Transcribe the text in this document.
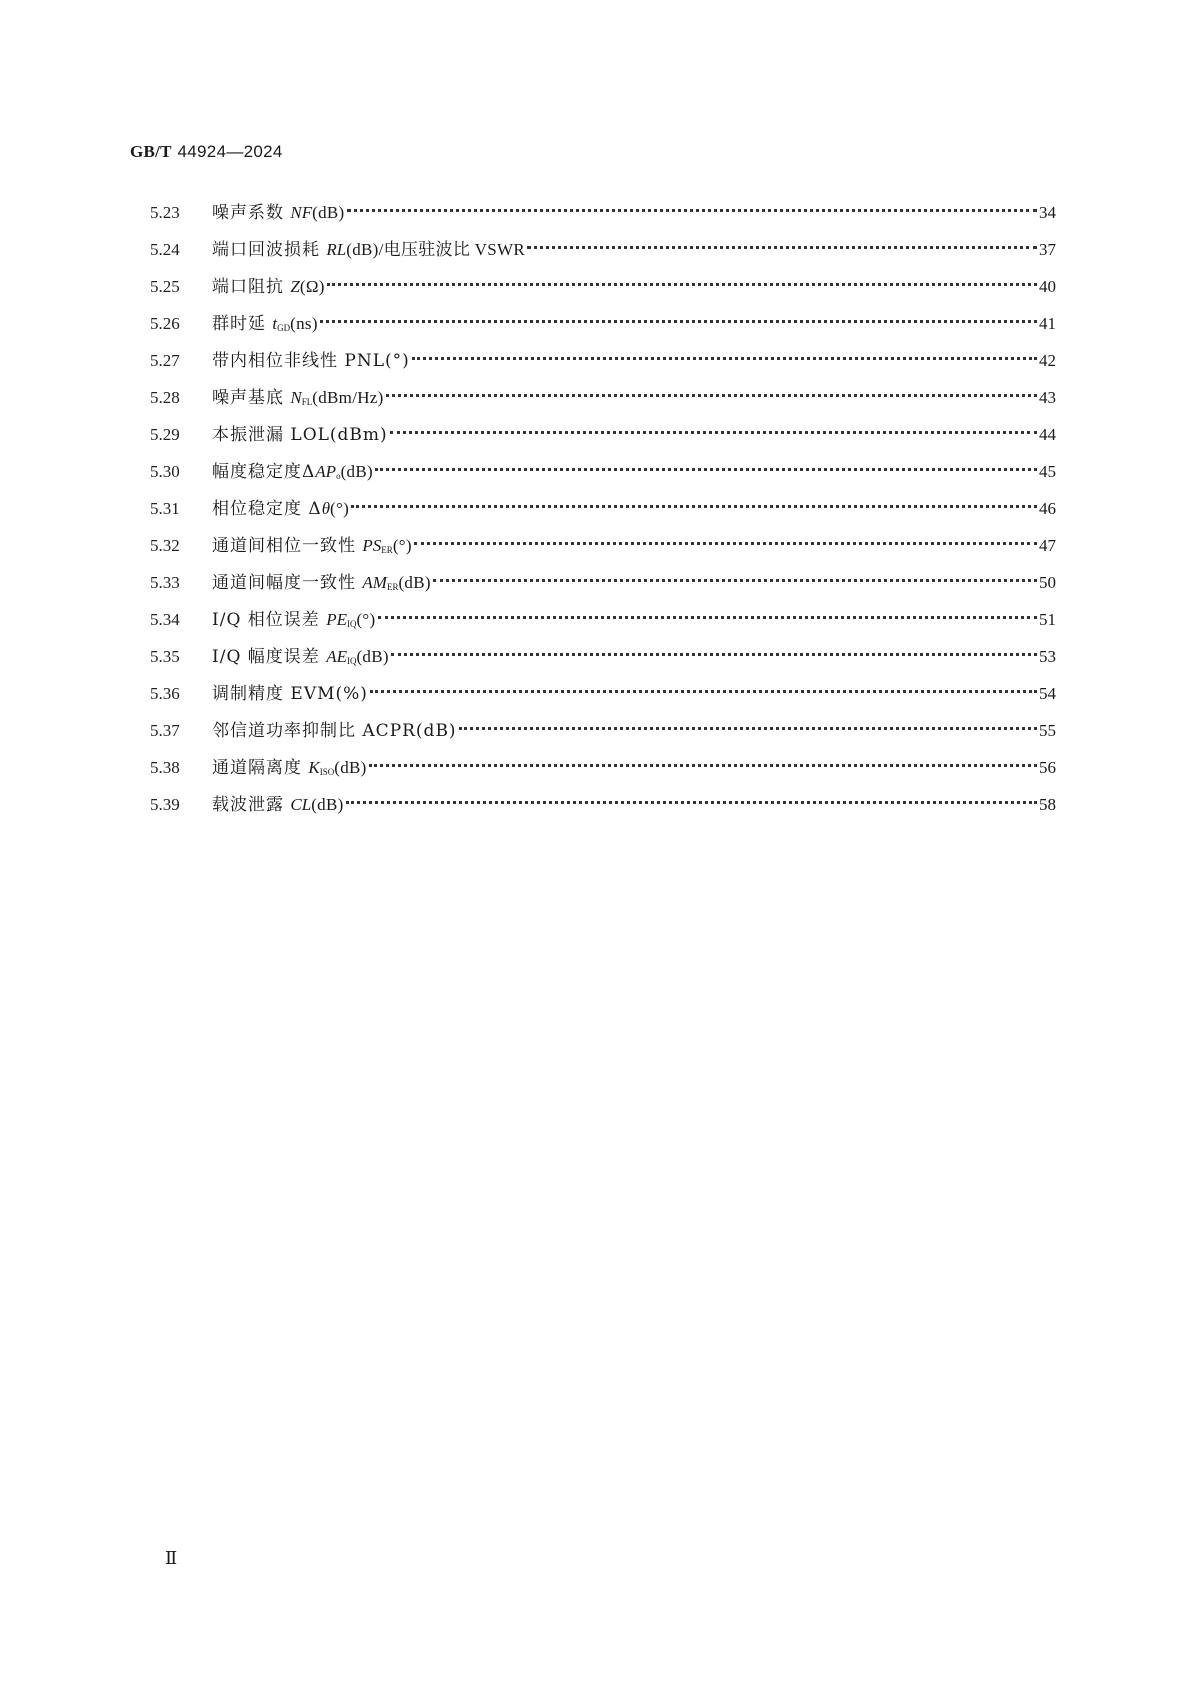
GB/T 44924—2024
5.23	噪声系数 NF(dB)	34
5.24	端口回波损耗 RL(dB)/电压驻波比 VSWR	37
5.25	端口阻抗 Z(Ω)	40
5.26	群时延 $t_{GD}(ns)$	41
5.27	带内相位非线性 PNL(°)	42
5.28	噪声基底 $N_{FL}(dBm/Hz)$	43
5.29	本振泄漏 LOL(dBm)	44
5.30	幅度稳定度$\Delta AP_o(dB)$	45
5.31	相位稳定度 Δθ(°)	46
5.32	通道间相位一致性 $PS_{ER}(^\circ)$	47
5.33	通道间幅度一致性 $AM_{ER}(dB)$	50
5.34	I/Q 相位误差 $PE_{IQ}(^\circ)$	51
5.35	I/Q 幅度误差 $AE_{IQ}(dB)$	53
5.36	调制精度 EVM(%)	54
5.37	邻信道功率抑制比 ACPR(dB)	55
5.38	通道隔离度 $K_{ISO}(dB)$	56
5.39	载波泄露 CL(dB)	58
Ⅱ
